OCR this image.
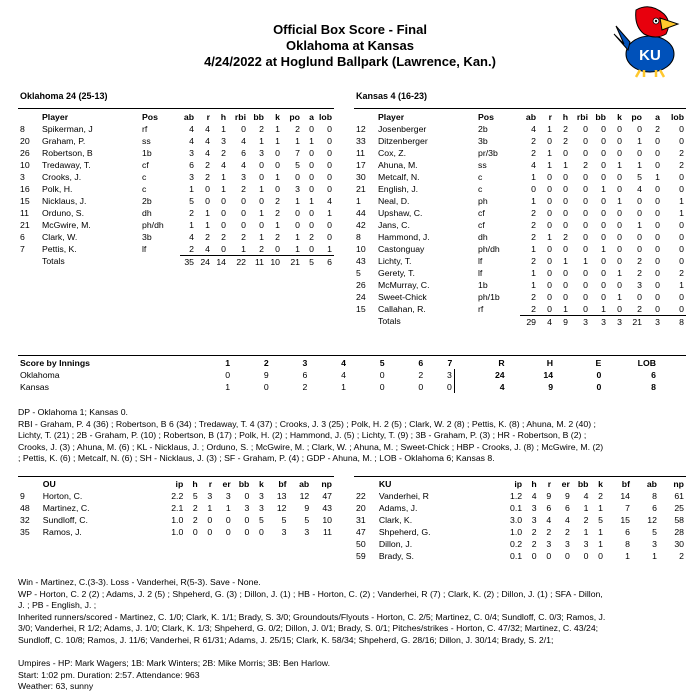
Official Box Score - Final
Oklahoma at Kansas
4/24/2022 at Hoglund Ballpark (Lawrence, Kan.)	KU
Oklahoma 24 (25-13)
	Player	Pos	ab	r	h	rbi	bb	k	po	a	lob
8	Spikerman, J	rf	4	4	1	0	2	1	2	0	0
20	Graham, P.	ss	4	4	3	4	1	1	1	1	0
26	Robertson, B	1b	3	4	2	6	3	0	7	0	0
10	Tredaway, T.	cf	6	2	4	4	0	0	5	0	0
3	Crooks, J.	c	3	2	1	3	0	1	0	0	0
16	Polk, H.	c	1	0	1	2	1	0	3	0	0
15	Nicklaus, J.	2b	5	0	0	0	0	2	1	1	4
11	Orduno, S.	dh	2	1	0	0	1	2	0	0	1
21	McGwire, M.	ph/dh	1	1	0	0	0	1	0	0	0
6	Clark, W.	3b	4	2	2	2	1	2	1	2	0
7	Pettis, K.	lf	2	4	0	1	2	0	1	0	1
	Totals		35	24	14	22	11	10	21	5	6
Kansas 4 (16-23)
	Player	Pos	ab	r	h	rbi	bb	k	po	a	lob
12	Josenberger	2b	4	1	2	0	0	0	0	2	0
33	Ditzenberger	3b	2	0	2	0	0	0	1	0	0
11	Cox, Z.	pr/3b	2	1	0	0	0	0	0	0	2
17	Ahuna, M.	ss	4	1	1	2	0	1	1	0	2
30	Metcalf, N.	c	1	0	0	0	0	0	5	1	0
21	English, J.	c	0	0	0	0	1	0	4	0	0
1	Neal, D.	ph	1	0	0	0	0	1	0	0	1
44	Upshaw, C.	cf	2	0	0	0	0	0	0	0	1
42	Jans, C.	cf	2	0	0	0	0	0	1	0	0
8	Hammond, J.	dh	2	1	2	0	0	0	0	0	0
10	Castonguay	ph/dh	1	0	0	0	1	0	0	0	0
43	Lichty, T.	lf	2	0	1	1	0	0	2	0	0
5	Gerety, T.	lf	1	0	0	0	0	1	2	0	2
26	McMurray, C.	1b	1	0	0	0	0	0	3	0	1
24	Sweet-Chick	ph/1b	2	0	0	0	0	1	0	0	0
15	Callahan, R.	rf	2	0	1	0	1	0	2	0	0
	Totals		29	4	9	3	3	3	21	3	8
Score by Innings	1	2	3	4	5	6	7	R	H	E	LOB
Oklahoma	0	9	6	4	0	2	3	24	14	0	6
Kansas	1	0	2	1	0	0	0	4	9	0	8

DP - Oklahoma 1; Kansas 0.

RBI - Graham, P. 4 (36) ; Robertson, B 6 (34) ; Tredaway, T. 4 (37) ; Crooks, J. 3 (25) ; Polk, H. 2 (5) ; Clark, W. 2 (8) ; Pettis, K. (8) ; Ahuna, M. 2 (40) ;

Lichty, T. (21) ; 2B - Graham, P. (10) ; Robertson, B (17) ; Polk, H. (2) ; Hammond, J. (5) ; Lichty, T. (9) ; 3B - Graham, P. (3) ; HR - Robertson, B (2) ;

Crooks, J. (3) ; Ahuna, M. (6) ; KL - Nicklaus, J. ; Orduno, S. ; McGwire, M. ; Clark, W. ; Ahuna, M. ; Sweet-Chick ; HBP - Crooks, J. (8) ; McGwire, M. (2)

; Pettis, K. (6) ; Metcalf, N. (6) ; SH - Nicklaus, J. (3) ; SF - Graham, P. (4) ; GDP - Ahuna, M. ; LOB - Oklahoma 6; Kansas 8.

	OU	ip	h	r	er	bb	k	bf	ab	np
9	Horton, C.	2.2	5	3	3	0	3	13	12	47
48	Martinez, C.	2.1	2	1	1	3	3	12	9	43
32	Sundloff, C.	1.0	2	0	0	0	5	5	5	10
35	Ramos, J.	1.0	0	0	0	0	0	3	3	11
	KU	ip	h	r	er	bb	k	bf	ab	np
22	Vanderhei, R	1.2	4	9	9	4	2	14	8	61
20	Adams, J.	0.1	3	6	6	1	1	7	6	25
31	Clark, K.	3.0	3	4	4	2	5	15	12	58
47	Shpeherd, G.	1.0	2	2	2	1	1	6	5	28
50	Dillon, J.	0.2	2	3	3	3	1	8	3	30
59	Brady, S.	0.1	0	0	0	0	0	1	1	2

Win - Martinez, C.(3-3). Loss - Vanderhei, R(5-3). Save - None.

WP - Horton, C. 2 (2) ; Adams, J. 2 (5) ; Shpeherd, G. (3) ; Dillon, J. (1) ; HB - Horton, C. (2) ; Vanderhei, R (7) ; Clark, K. (2) ; Dillon, J. (1) ; SFA - Dillon,

J. ; PB - English, J. ;

Inherited runners/scored - Martinez, C. 1/0; Clark, K. 1/1; Brady, S. 3/0; Groundouts/Flyouts - Horton, C. 2/5; Martinez, C. 0/4; Sundloff, C. 0/3; Ramos, J.

3/0; Vanderhei, R 1/2; Adams, J. 1/0; Clark, K. 1/3; Shpeherd, G. 0/2; Dillon, J. 0/1; Brady, S. 0/1; Pitches/strikes - Horton, C. 47/32; Martinez, C. 43/24;

Sundloff, C. 10/8; Ramos, J. 11/6; Vanderhei, R 61/31; Adams, J. 25/15; Clark, K. 58/34; Shpeherd, G. 28/16; Dillon, J. 30/14; Brady, S. 2/1;

Umpires - HP: Mark Wagers; 1B: Mark Winters; 2B: Mike Morris; 3B: Ben Harlow.

Start: 1:02 pm. Duration: 2:57. Attendance: 963

Weather: 63, sunny
